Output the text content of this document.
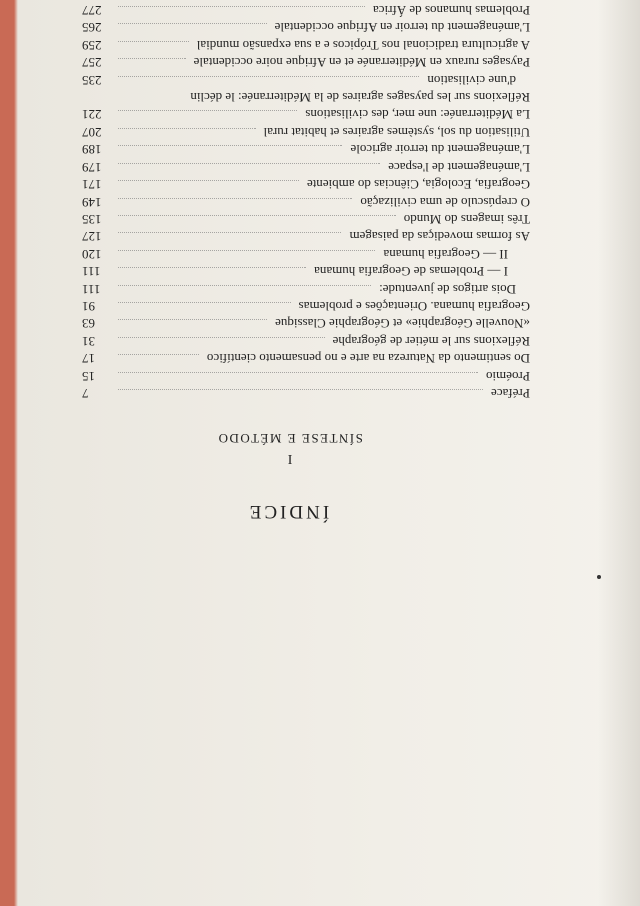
ÍNDICE
I
SÍNTESE E MÉTODO
Préface
7
Proémio
15
Do sentimento da Natureza na arte e no pensamento científico
17
Réflexions sur le métier de géographe
31
«Nouvelle Géographie» et Géographie Classique
63
Geografia humana. Orientações e problemas
91
Dois artigos de juventude:
111
I — Problemas de Geografia humana
111
II — Geografia humana
120
As formas movediças da paisagem
127
Três imagens do Mundo
135
O crepúsculo de uma civilização
149
Geografia, Ecologia, Ciências do ambiente
171
L'aménagement de l'espace
179
L'aménagement du terroir agricole
189
Utilisation du sol, systèmes agraires et habitat rural
207
La Méditerranée: une mer, des civilisations
221
Réflexions sur les paysages agraires de la Méditerranée: le déclin
d'une civilisation
235
Paysages ruraux en Méditerranée et en Afrique noire occidentale
257
A agricultura tradicional nos Trópicos e a sua expansão mundial
259
L'aménagement du terroir en Afrique occidentale
265
Problemas humanos de África
277
